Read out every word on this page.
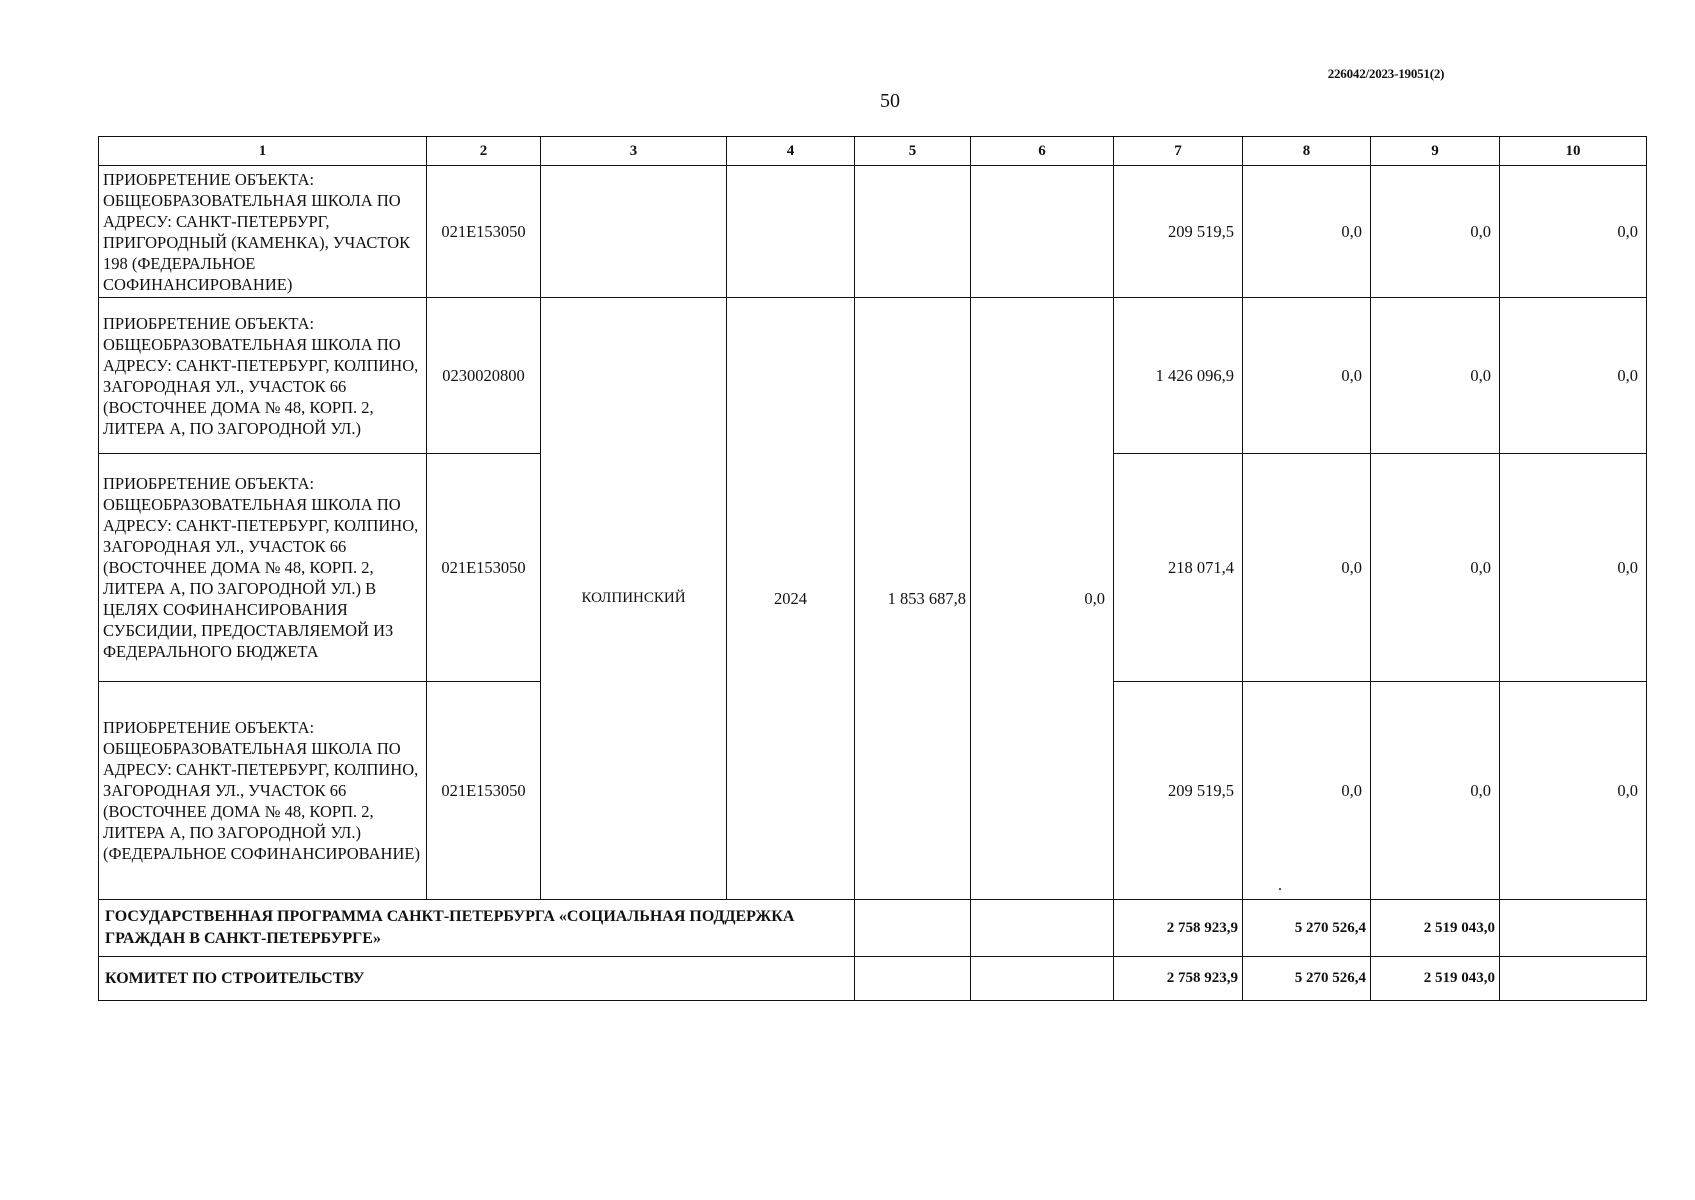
226042/2023-19051(2)
50
1	2	3	4	5	6	7	8	9	10
ПРИОБРЕТЕНИЕ ОБЪЕКТА: ОБЩЕОБРАЗОВАТЕЛЬНАЯ ШКОЛА ПО АДРЕСУ: САНКТ-ПЕТЕРБУРГ, ПРИГОРОДНЫЙ (КАМЕНКА), УЧАСТОК 198 (ФЕДЕРАЛЬНОЕ СОФИНАНСИРОВАНИЕ)	021E153050					209 519,5	0,0	0,0	0,0
ПРИОБРЕТЕНИЕ ОБЪЕКТА: ОБЩЕОБРАЗОВАТЕЛЬНАЯ ШКОЛА ПО АДРЕСУ: САНКТ-ПЕТЕРБУРГ, КОЛПИНО, ЗАГОРОДНАЯ УЛ., УЧАСТОК 66 (ВОСТОЧНЕЕ ДОМА № 48, КОРП. 2, ЛИТЕРА А, ПО ЗАГОРОДНОЙ УЛ.)	0230020800	КОЛПИНСКИЙ	2024	1 853 687,8	0,0	1 426 096,9	0,0	0,0	0,0
ПРИОБРЕТЕНИЕ ОБЪЕКТА: ОБЩЕОБРАЗОВАТЕЛЬНАЯ ШКОЛА ПО АДРЕСУ: САНКТ-ПЕТЕРБУРГ, КОЛПИНО, ЗАГОРОДНАЯ УЛ., УЧАСТОК 66 (ВОСТОЧНЕЕ ДОМА № 48, КОРП. 2, ЛИТЕРА А, ПО ЗАГОРОДНОЙ УЛ.) В ЦЕЛЯХ СОФИНАНСИРОВАНИЯ СУБСИДИИ, ПРЕДОСТАВЛЯЕМОЙ ИЗ ФЕДЕРАЛЬНОГО БЮДЖЕТА	021E153050					218 071,4	0,0	0,0	0,0
ПРИОБРЕТЕНИЕ ОБЪЕКТА: ОБЩЕОБРАЗОВАТЕЛЬНАЯ ШКОЛА ПО АДРЕСУ: САНКТ-ПЕТЕРБУРГ, КОЛПИНО, ЗАГОРОДНАЯ УЛ., УЧАСТОК 66 (ВОСТОЧНЕЕ ДОМА № 48, КОРП. 2, ЛИТЕРА А, ПО ЗАГОРОДНОЙ УЛ.) (ФЕДЕРАЛЬНОЕ СОФИНАНСИРОВАНИЕ)	021E153050					209 519,5	0,0	0,0	0,0
ГОСУДАРСТВЕННАЯ ПРОГРАММА САНКТ-ПЕТЕРБУРГА «СОЦИАЛЬНАЯ ПОДДЕРЖКА ГРАЖДАН В САНКТ-ПЕТЕРБУРГЕ»						2 758 923,9	5 270 526,4	2 519 043,0	
КОМИТЕТ ПО СТРОИТЕЛЬСТВУ						2 758 923,9	5 270 526,4	2 519 043,0	
